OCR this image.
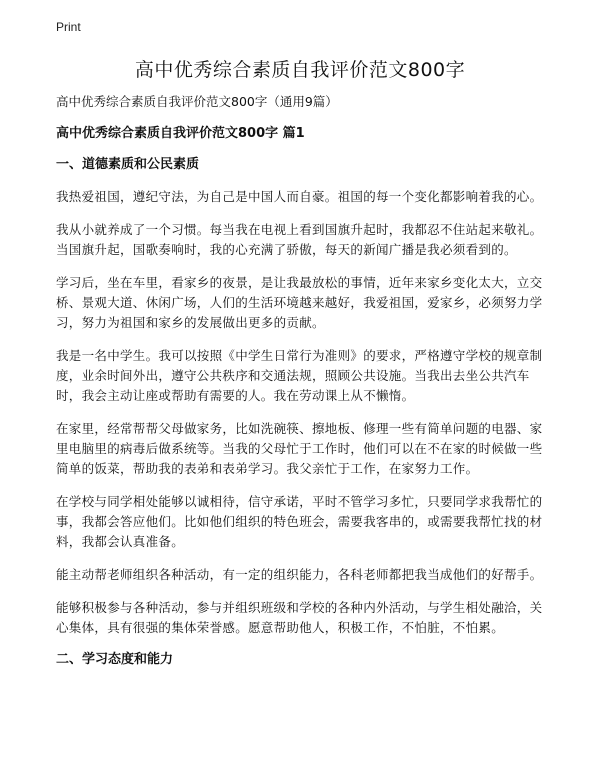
Print
高中优秀综合素质自我评价范文800字

高中优秀综合素质自我评价范文800字（通用9篇）

高中优秀综合素质自我评价范文800字 篇1

一、道德素质和公民素质

我热爱祖国，遵纪守法，为自己是中国人而自豪。祖国的每一个变化都影响着我的心。

我从小就养成了一个习惯。每当我在电视上看到国旗升起时，我都忍不住站起来敬礼。当国旗升起，国歌奏响时，我的心充满了骄傲，每天的新闻广播是我必须看到的。

学习后，坐在车里，看家乡的夜景，是让我最放松的事情，近年来家乡变化太大，立交桥、景观大道、休闲广场，人们的生活环境越来越好，我爱祖国，爱家乡，必须努力学习，努力为祖国和家乡的发展做出更多的贡献。

我是一名中学生。我可以按照《中学生日常行为准则》的要求，严格遵守学校的规章制度，业余时间外出，遵守公共秩序和交通法规，照顾公共设施。当我出去坐公共汽车时，我会主动让座或帮助有需要的人。我在劳动课上从不懒惰。

在家里，经常帮帮父母做家务，比如洗碗筷、擦地板、修理一些有简单问题的电器、家里电脑里的病毒后做系统等。当我的父母忙于工作时，他们可以在不在家的时候做一些简单的饭菜，帮助我的表弟和表弟学习。我父亲忙于工作，在家努力工作。

在学校与同学相处能够以诚相待，信守承诺，平时不管学习多忙，只要同学求我帮忙的事，我都会答应他们。比如他们组织的特色班会，需要我客串的，或需要我帮忙找的材料，我都会认真准备。

能主动帮老师组织各种活动，有一定的组织能力，各科老师都把我当成他们的好帮手。

能够积极参与各种活动，参与并组织班级和学校的各种内外活动，与学生相处融洽，关心集体，具有很强的集体荣誉感。愿意帮助他人，积极工作，不怕脏，不怕累。

二、学习态度和能力
